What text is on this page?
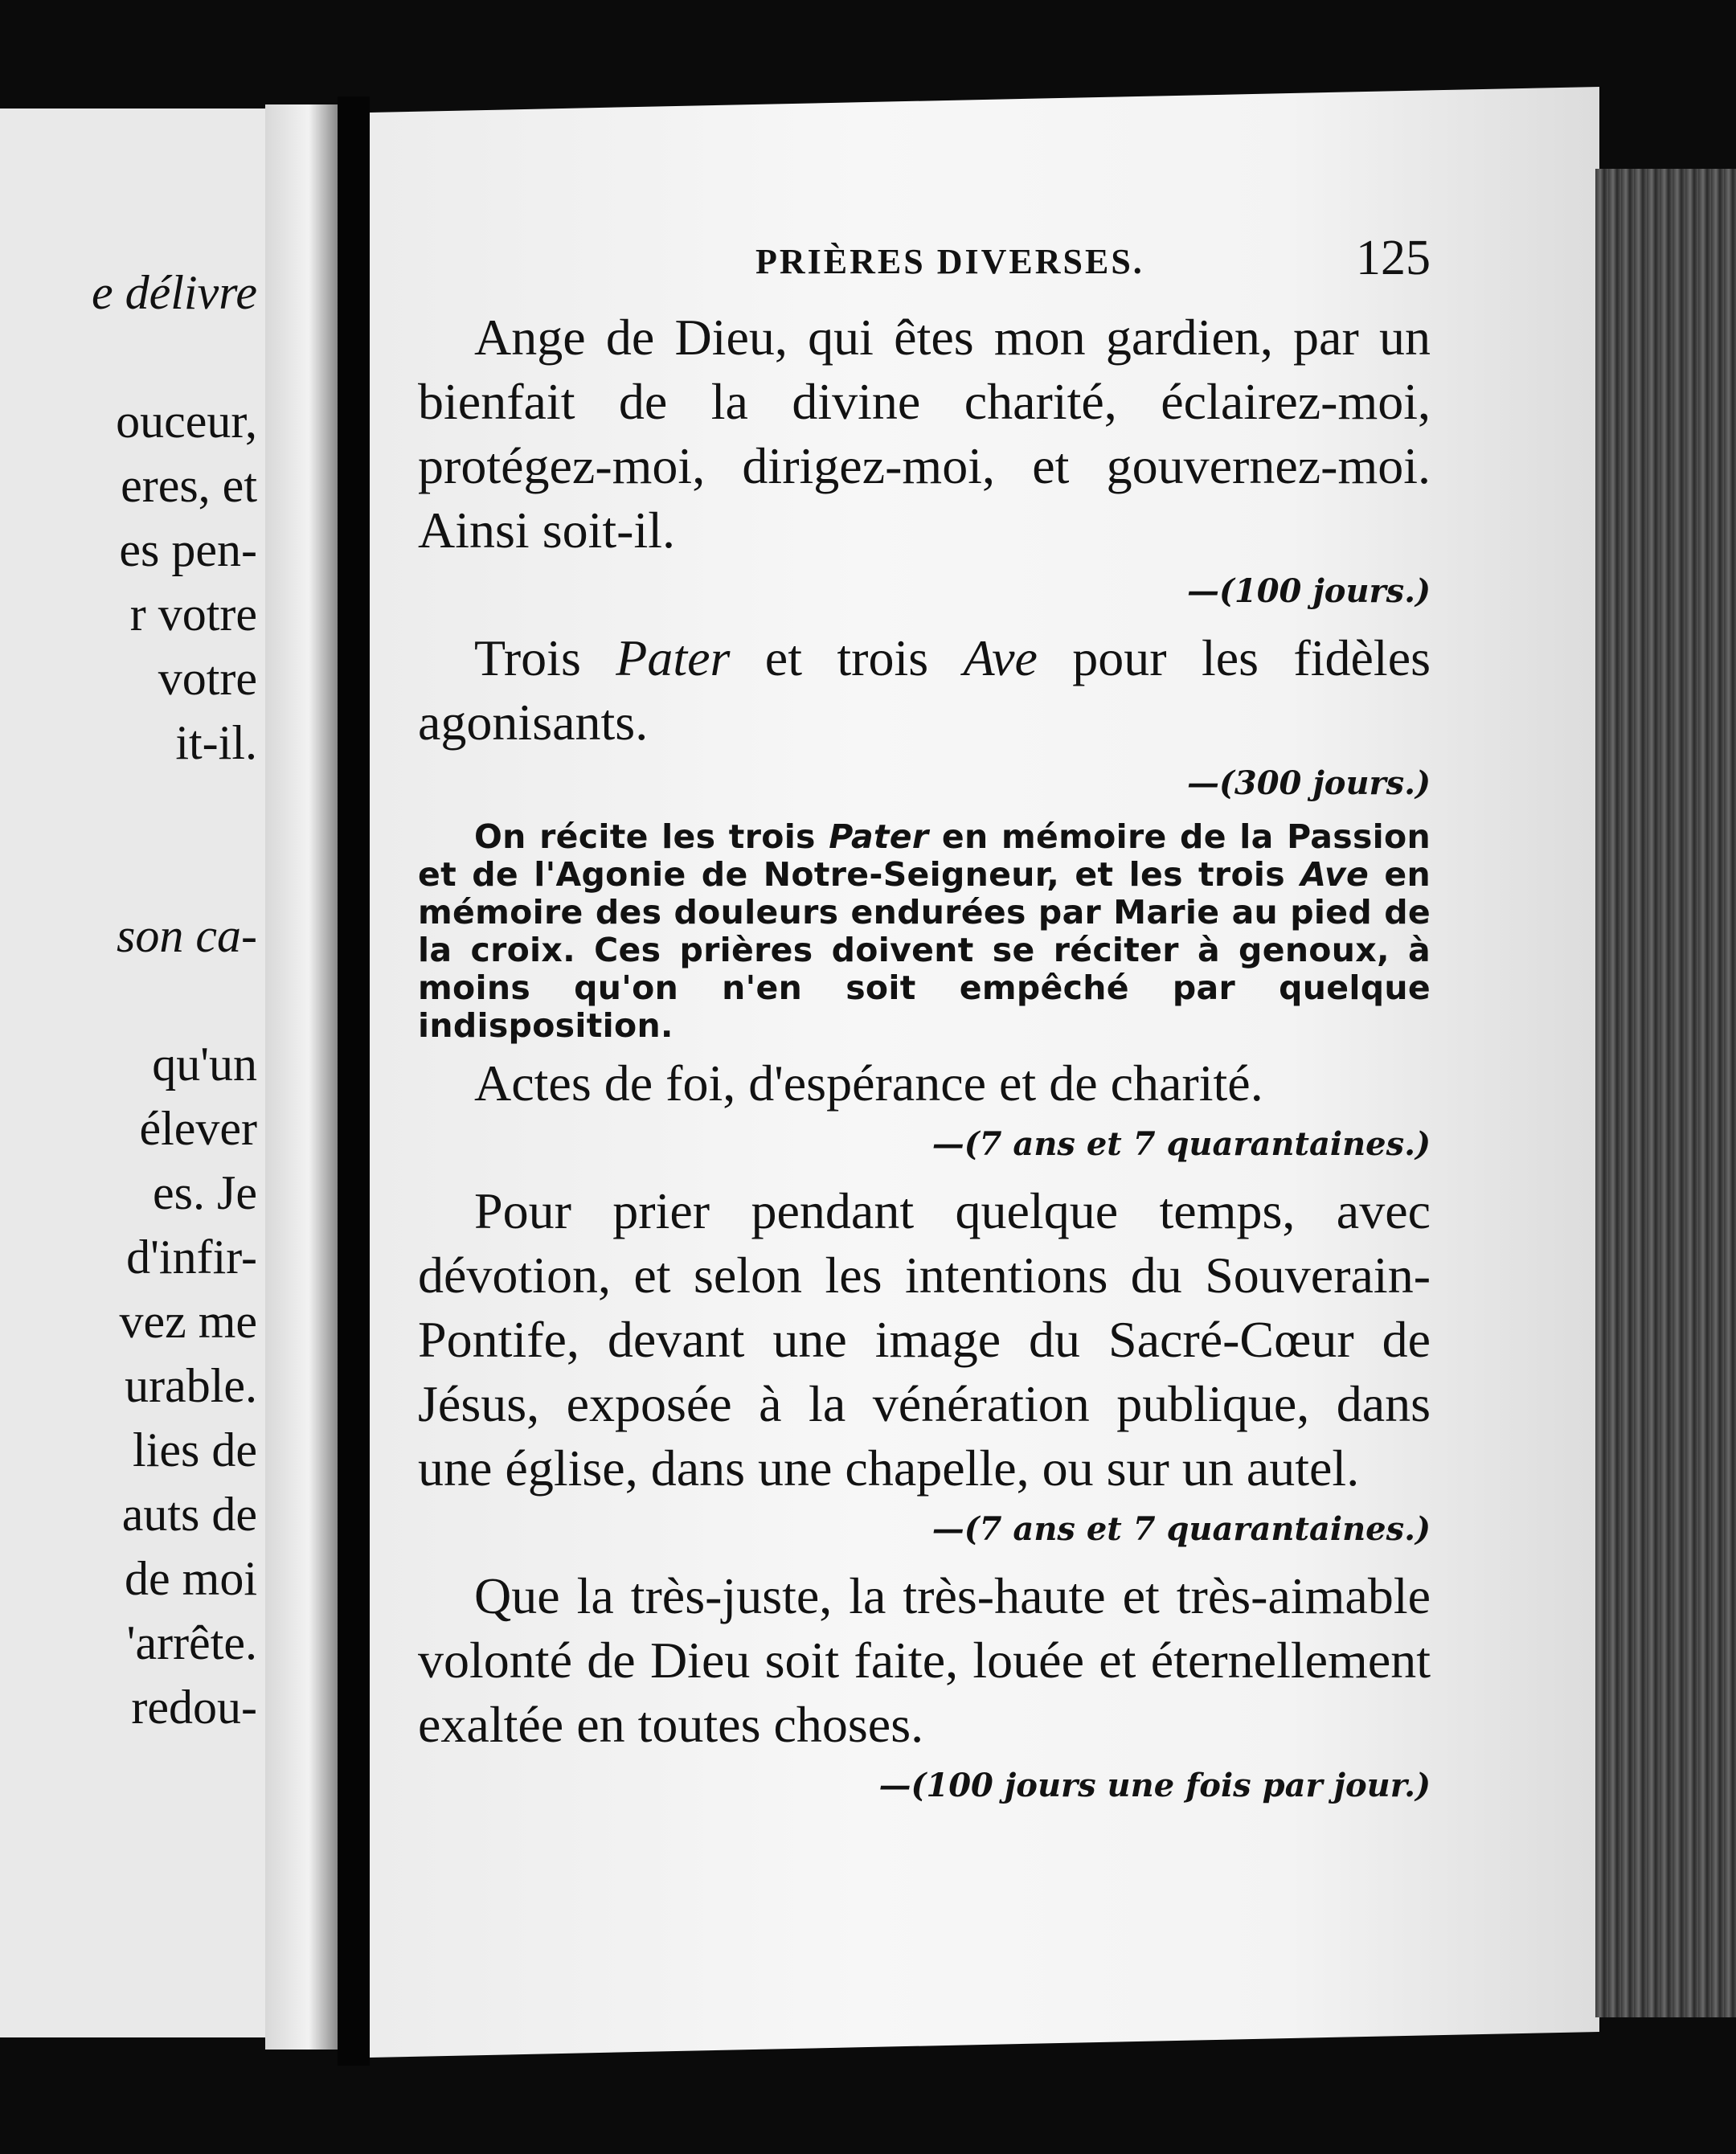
e délivre
ouceur,
eres, et
es pen-
r votre
votre
it-il.
son ca-
qu'un
élever
es. Je
d'infir-
vez me
urable.
lies de
auts de
de moi
'arrête.
redou-
PRIÈRES DIVERSES.	125

Ange de Dieu, qui êtes mon gardien, par un bienfait de la divine charité, éclairez-moi, protégez-moi, dirigez-moi, et gouvernez-moi. Ainsi soit-il.

—(100 jours.)

Trois Pater et trois Ave pour les fidèles agonisants.

—(300 jours.)

On récite les trois Pater en mémoire de la Passion et de l'Agonie de Notre-Seigneur, et les trois Ave en mémoire des douleurs endurées par Marie au pied de la croix. Ces prières doivent se réciter à genoux, à moins qu'on n'en soit empêché par quelque indisposition.

Actes de foi, d'espérance et de charité.

—(7 ans et 7 quarantaines.)

Pour prier pendant quelque temps, avec dévotion, et selon les intentions du Souverain-Pontife, devant une image du Sacré-Cœur de Jésus, exposée à la vénération publique, dans une église, dans une chapelle, ou sur un autel.

—(7 ans et 7 quarantaines.)

Que la très-juste, la très-haute et très-aimable volonté de Dieu soit faite, louée et éternellement exaltée en toutes choses.

—(100 jours une fois par jour.)
